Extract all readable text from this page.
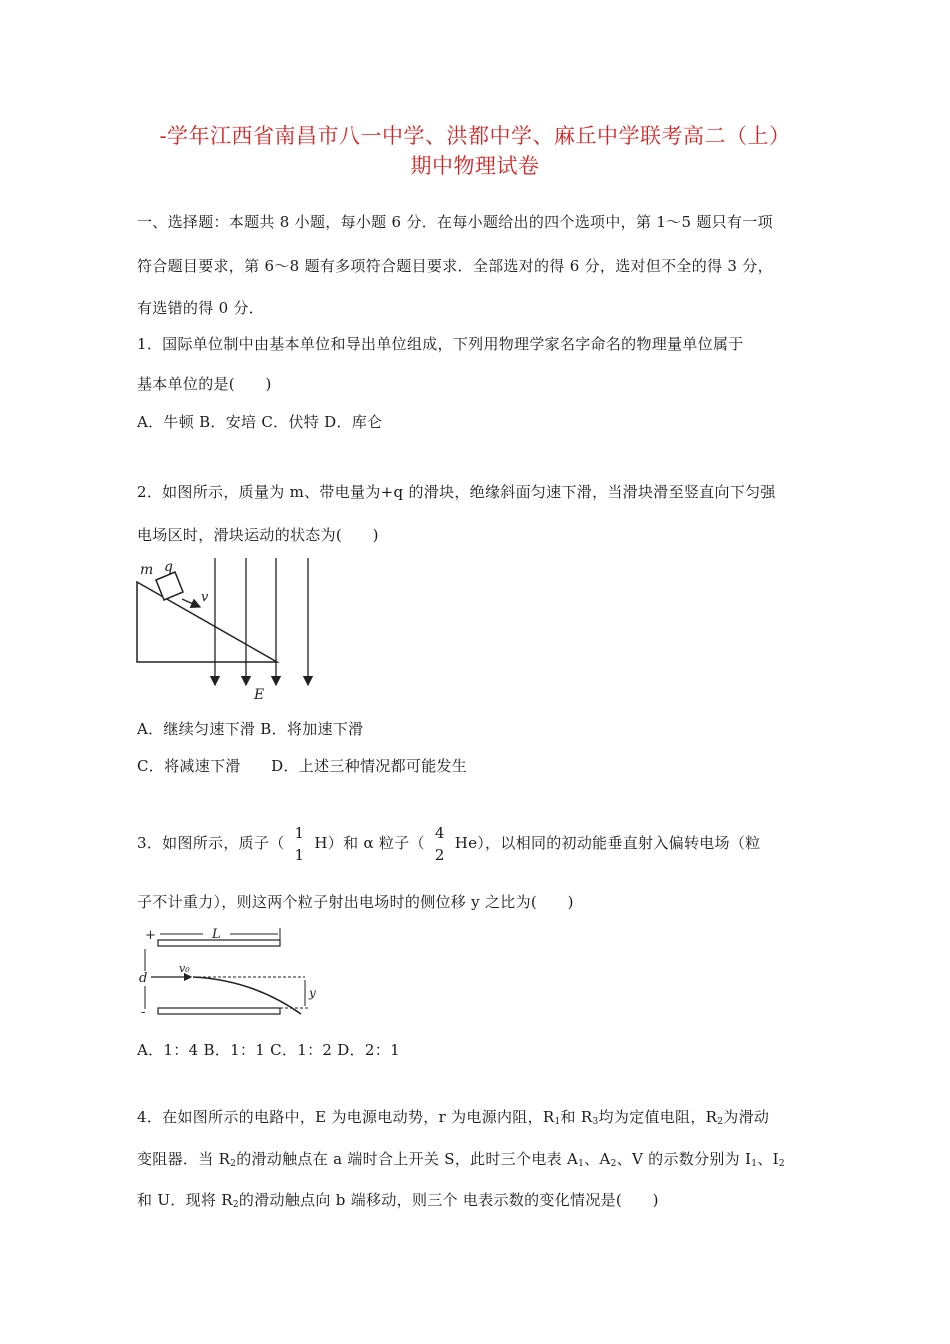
-学年江西省南昌市八一中学、洪都中学、麻丘中学联考高二（上）
期中物理试卷
一、选择题：本题共 8 小题，每小题 6 分．在每小题给出的四个选项中，第 1～5 题只有一项
符合题目要求，第 6～8 题有多项符合题目要求．全部选对的得 6 分，选对但不全的得 3 分，
有选错的得 0 分．
1．国际单位制中由基本单位和导出单位组成，下列用物理学家名字命名的物理量单位属于
基本单位的是(　　)
A．牛顿 B．安培 C．伏特 D．库仑
2．如图所示，质量为 m、带电量为+q 的滑块，绝缘斜面匀速下滑，当滑块滑至竖直向下匀强
电场区时，滑块运动的状态为(　　)
m q
v
E
A．继续匀速下滑 B．将加速下滑
C．将减速下滑　　D．上述三种情况都可能发生
3．如图所示，质子（
1
1
H）和 α 粒子（
4
2
He），以相同的初动能垂直射入偏转电场（粒
子不计重力），则这两个粒子射出电场时的侧位移 y 之比为(　　)
+	L
d
v₀
y
-
A．1：4 B．1：1 C．1：2 D．2：1
4．在如图所示的电路中，E 为电源电动势，r 为电源内阻，$R_1$和 $R_3$均为定值电阻，$R_2$为滑动
变阻器．当 $R_2$的滑动触点在 a 端时合上开关 S，此时三个电表 $A_1$、$A_2$、V 的示数分别为 $I_1$、$I_2$
和 U．现将 $R_2$的滑动触点向 b 端移动，则三个 电表示数的变化情况是(　　)
